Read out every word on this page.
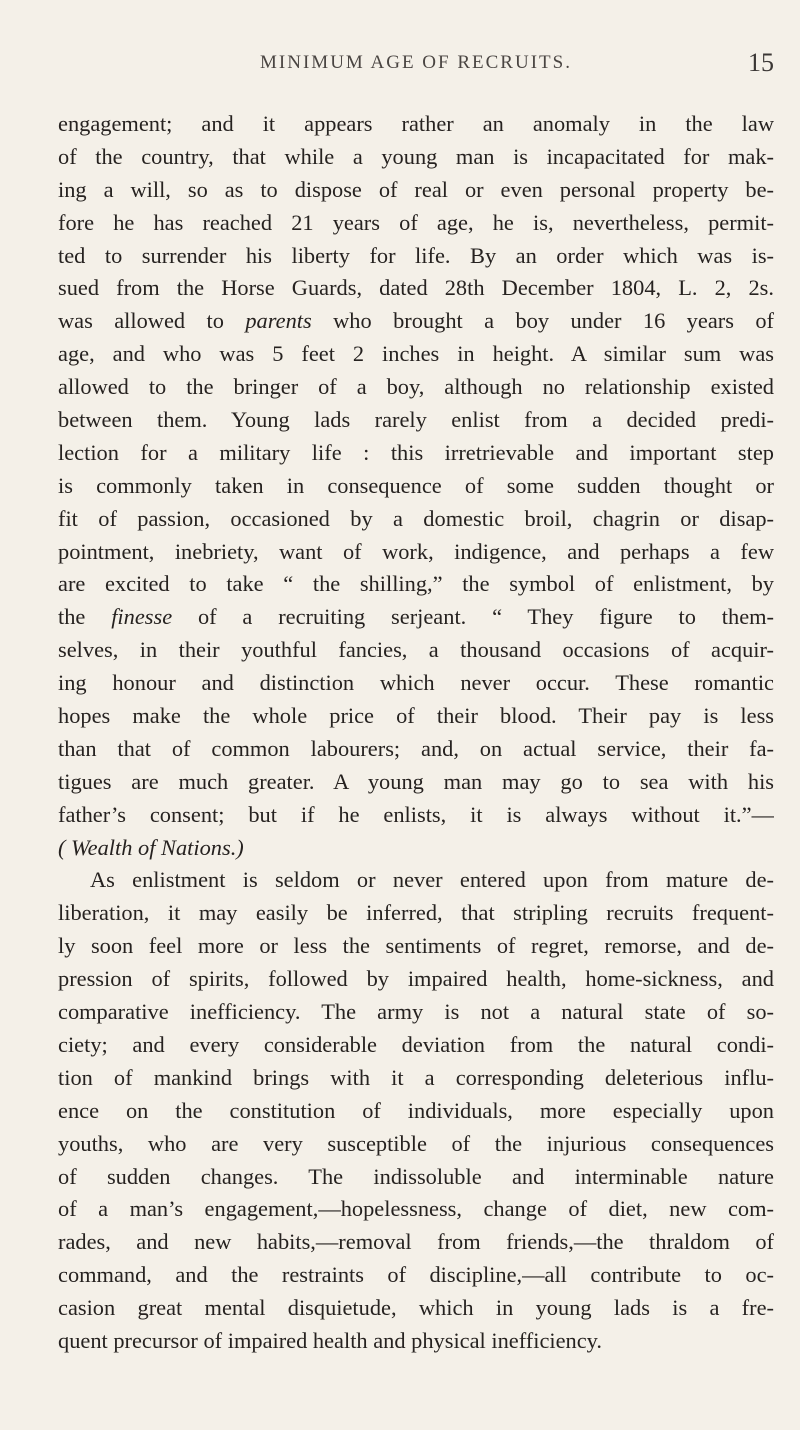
MINIMUM AGE OF RECRUITS.	15
engagement; and it appears rather an anomaly in the law
of the country, that while a young man is incapacitated for mak-
ing a will, so as to dispose of real or even personal property be-
fore he has reached 21 years of age, he is, nevertheless, permit-
ted to surrender his liberty for life. By an order which was is-
sued from the Horse Guards, dated 28th December 1804, L. 2, 2s.
was allowed to parents who brought a boy under 16 years of
age, and who was 5 feet 2 inches in height. A similar sum was
allowed to the bringer of a boy, although no relationship existed
between them. Young lads rarely enlist from a decided predi-
lection for a military life : this irretrievable and important step
is commonly taken in consequence of some sudden thought or
fit of passion, occasioned by a domestic broil, chagrin or disap-
pointment, inebriety, want of work, indigence, and perhaps a few
are excited to take “ the shilling,” the symbol of enlistment, by
the finesse of a recruiting serjeant. “ They figure to them-
selves, in their youthful fancies, a thousand occasions of acquir-
ing honour and distinction which never occur. These romantic
hopes make the whole price of their blood. Their pay is less
than that of common labourers; and, on actual service, their fa-
tigues are much greater. A young man may go to sea with his
father’s consent; but if he enlists, it is always without it.”—
( Wealth of Nations.)
As enlistment is seldom or never entered upon from mature de-
liberation, it may easily be inferred, that stripling recruits frequent-
ly soon feel more or less the sentiments of regret, remorse, and de-
pression of spirits, followed by impaired health, home-sickness, and
comparative inefficiency. The army is not a natural state of so-
ciety; and every considerable deviation from the natural condi-
tion of mankind brings with it a corresponding deleterious influ-
ence on the constitution of individuals, more especially upon
youths, who are very susceptible of the injurious consequences
of sudden changes. The indissoluble and interminable nature
of a man’s engagement,—hopelessness, change of diet, new com-
rades, and new habits,—removal from friends,—the thraldom of
command, and the restraints of discipline,—all contribute to oc-
casion great mental disquietude, which in young lads is a fre-
quent precursor of impaired health and physical inefficiency.
